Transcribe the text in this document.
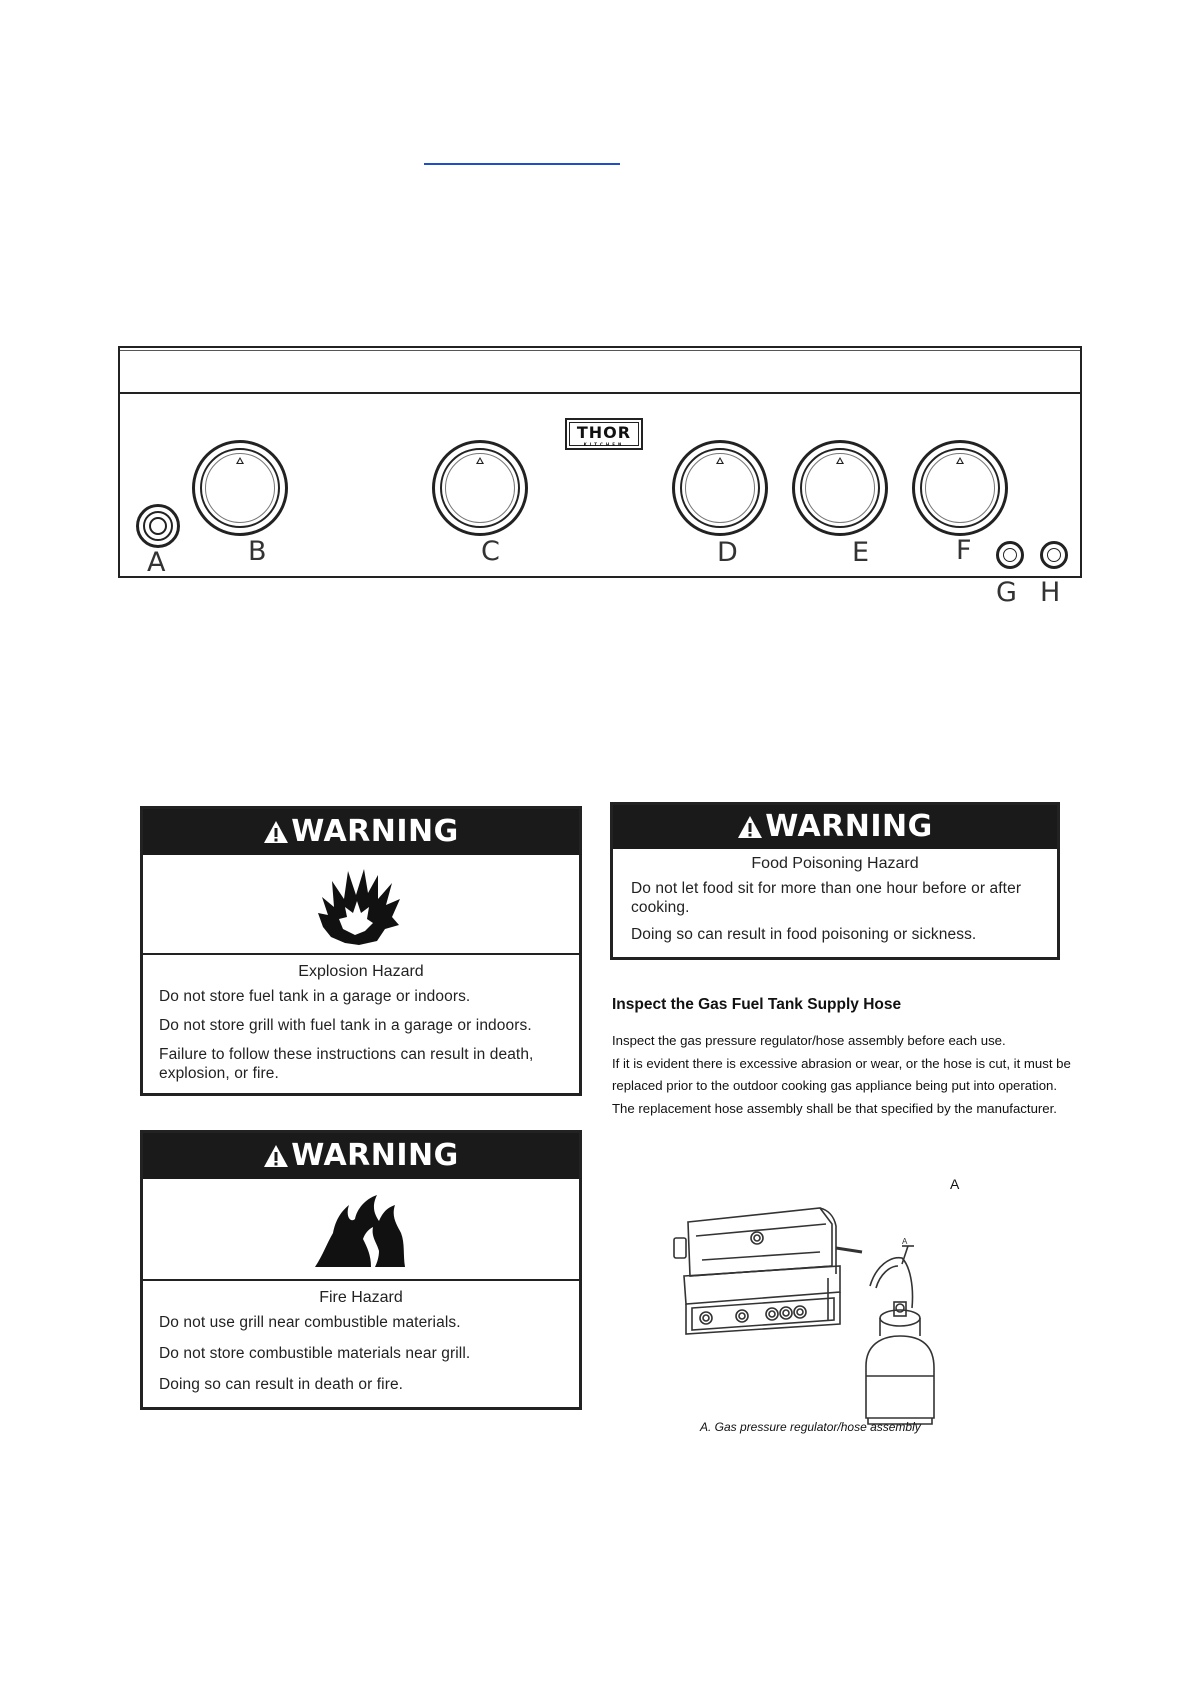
THOR
KITCHEN
A	B	C	D	E	F
G H
WARNING
Explosion Hazard
Do not store fuel tank in a garage or indoors.
Do not store grill with fuel tank in a garage or indoors.
Failure to follow these instructions can result in death, explosion, or fire.
WARNING
Fire Hazard
Do not use grill near combustible materials.
Do not store combustible materials near grill.
Doing so can result in death or fire.
WARNING
Food Poisoning Hazard
Do not let food sit for more than one hour before or after cooking.
Doing so can result in food poisoning or sickness.
Inspect the Gas Fuel Tank Supply Hose
Inspect the gas pressure regulator/hose assembly before each use.
If it is evident there is excessive abrasion or wear, or the hose is cut, it must be replaced prior to the outdoor cooking gas appliance being put into operation. The replacement hose assembly shall be that specified by the manufacturer.
A
A
A. Gas pressure regulator/hose assembly
